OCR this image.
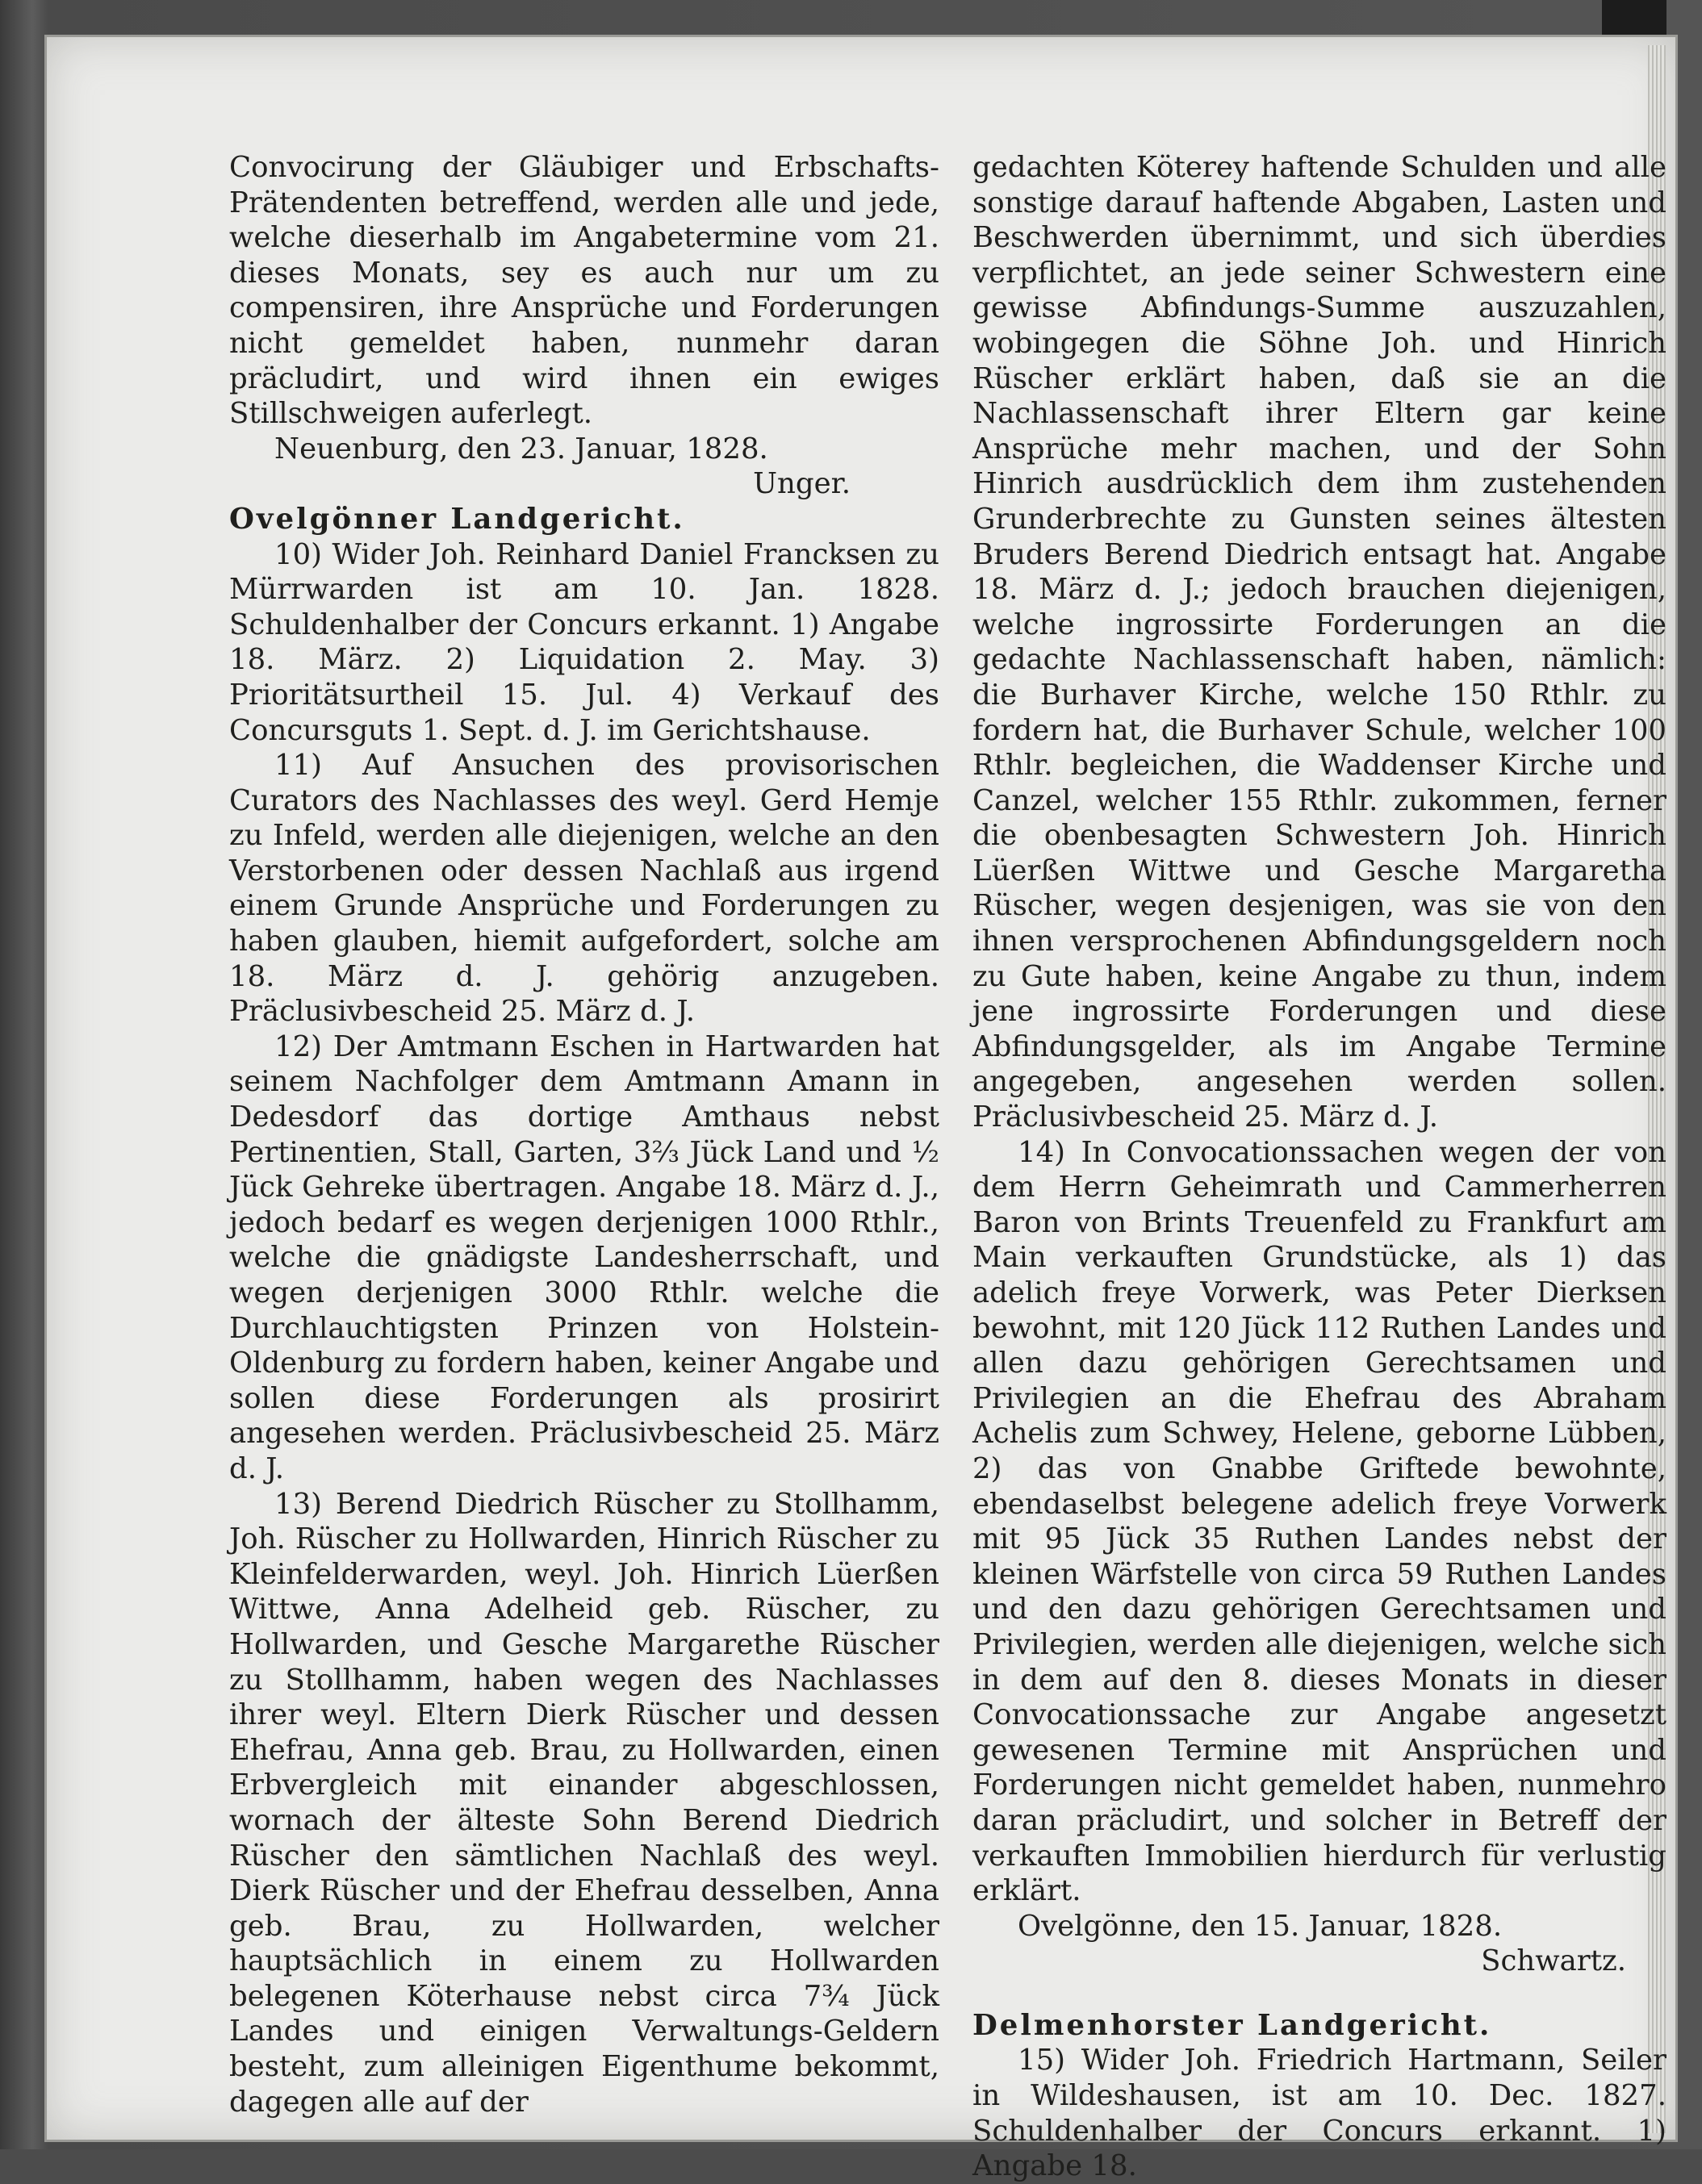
Convocirung der Gläubiger und Erbschafts-Prätendenten betreffend, werden alle und jede, welche dieserhalb im Angabetermine vom 21. dieses Monats, sey es auch nur um zu compensiren, ihre Ansprüche und Forderungen nicht gemeldet haben, nunmehr daran präcludirt, und wird ihnen ein ewiges Stillschweigen auferlegt.

Neuenburg, den 23. Januar, 1828.

Unger.

Ovelgönner Landgericht.

10) Wider Joh. Reinhard Daniel Francksen zu Mürrwarden ist am 10. Jan. 1828. Schuldenhalber der Concurs erkannt. 1) Angabe 18. März. 2) Liquidation 2. May. 3) Prioritätsurtheil 15. Jul. 4) Verkauf des Concursguts 1. Sept. d. J. im Gerichtshause.

11) Auf Ansuchen des provisorischen Curators des Nachlasses des weyl. Gerd Hemje zu Infeld, werden alle diejenigen, welche an den Verstorbenen oder dessen Nachlaß aus irgend einem Grunde Ansprüche und Forderungen zu haben glauben, hiemit aufgefordert, solche am 18. März d. J. gehörig anzugeben. Präclusivbescheid 25. März d. J.

12) Der Amtmann Eschen in Hartwarden hat seinem Nachfolger dem Amtmann Amann in Dedesdorf das dortige Amthaus nebst Pertinentien, Stall, Garten, 3⅔ Jück Land und ½ Jück Gehreke übertragen. Angabe 18. März d. J., jedoch bedarf es wegen derjenigen 1000 Rthlr., welche die gnädigste Landesherrschaft, und wegen derjenigen 3000 Rthlr. welche die Durchlauchtigsten Prinzen von Holstein-Oldenburg zu fordern haben, keiner Angabe und sollen diese Forderungen als prosirirt angesehen werden. Präclusivbescheid 25. März d. J.

13) Berend Diedrich Rüscher zu Stollhamm, Joh. Rüscher zu Hollwarden, Hinrich Rüscher zu Kleinfelderwarden, weyl. Joh. Hinrich Lüerßen Wittwe, Anna Adelheid geb. Rüscher, zu Hollwarden, und Gesche Margarethe Rüscher zu Stollhamm, haben wegen des Nachlasses ihrer weyl. Eltern Dierk Rüscher und dessen Ehefrau, Anna geb. Brau, zu Hollwarden, einen Erbvergleich mit einander abgeschlossen, wornach der älteste Sohn Berend Diedrich Rüscher den sämtlichen Nachlaß des weyl. Dierk Rüscher und der Ehefrau desselben, Anna geb. Brau, zu Hollwarden, welcher hauptsächlich in einem zu Hollwarden belegenen Köterhause nebst circa 7¾ Jück Landes und einigen Verwaltungs-Geldern besteht, zum alleinigen Eigenthume bekommt, dagegen alle auf der

gedachten Köterey haftende Schulden und alle sonstige darauf haftende Abgaben, Lasten und Beschwerden übernimmt, und sich überdies verpflichtet, an jede seiner Schwestern eine gewisse Abfindungs-Summe auszuzahlen, wobingegen die Söhne Joh. und Hinrich Rüscher erklärt haben, daß sie an die Nachlassenschaft ihrer Eltern gar keine Ansprüche mehr machen, und der Sohn Hinrich ausdrücklich dem ihm zustehenden Grunderbrechte zu Gunsten seines ältesten Bruders Berend Diedrich entsagt hat. Angabe 18. März d. J.; jedoch brauchen diejenigen, welche ingrossirte Forderungen an die gedachte Nachlassenschaft haben, nämlich: die Burhaver Kirche, welche 150 Rthlr. zu fordern hat, die Burhaver Schule, welcher 100 Rthlr. begleichen, die Waddenser Kirche und Canzel, welcher 155 Rthlr. zukommen, ferner die obenbesagten Schwestern Joh. Hinrich Lüerßen Wittwe und Gesche Margaretha Rüscher, wegen desjenigen, was sie von den ihnen versprochenen Abfindungsgeldern noch zu Gute haben, keine Angabe zu thun, indem jene ingrossirte Forderungen und diese Abfindungsgelder, als im Angabe Termine angegeben, angesehen werden sollen. Präclusivbescheid 25. März d. J.

14) In Convocationssachen wegen der von dem Herrn Geheimrath und Cammerherren Baron von Brints Treuenfeld zu Frankfurt am Main verkauften Grundstücke, als 1) das adelich freye Vorwerk, was Peter Dierksen bewohnt, mit 120 Jück 112 Ruthen Landes und allen dazu gehörigen Gerechtsamen und Privilegien an die Ehefrau des Abraham Achelis zum Schwey, Helene, geborne Lübben, 2) das von Gnabbe Griftede bewohnte, ebendaselbst belegene adelich freye Vorwerk mit 95 Jück 35 Ruthen Landes nebst der kleinen Wärfstelle von circa 59 Ruthen Landes und den dazu gehörigen Gerechtsamen und Privilegien, werden alle diejenigen, welche sich in dem auf den 8. dieses Monats in dieser Convocationssache zur Angabe angesetzt gewesenen Termine mit Ansprüchen und Forderungen nicht gemeldet haben, nunmehro daran präcludirt, und solcher in Betreff der verkauften Immobilien hierdurch für verlustig erklärt.

Ovelgönne, den 15. Januar, 1828.

Schwartz.

Delmenhorster Landgericht.

15) Wider Joh. Friedrich Hartmann, Seiler in Wildeshausen, ist am 10. Dec. 1827. Schuldenhalber der Concurs erkannt. 1) Angabe 18.
